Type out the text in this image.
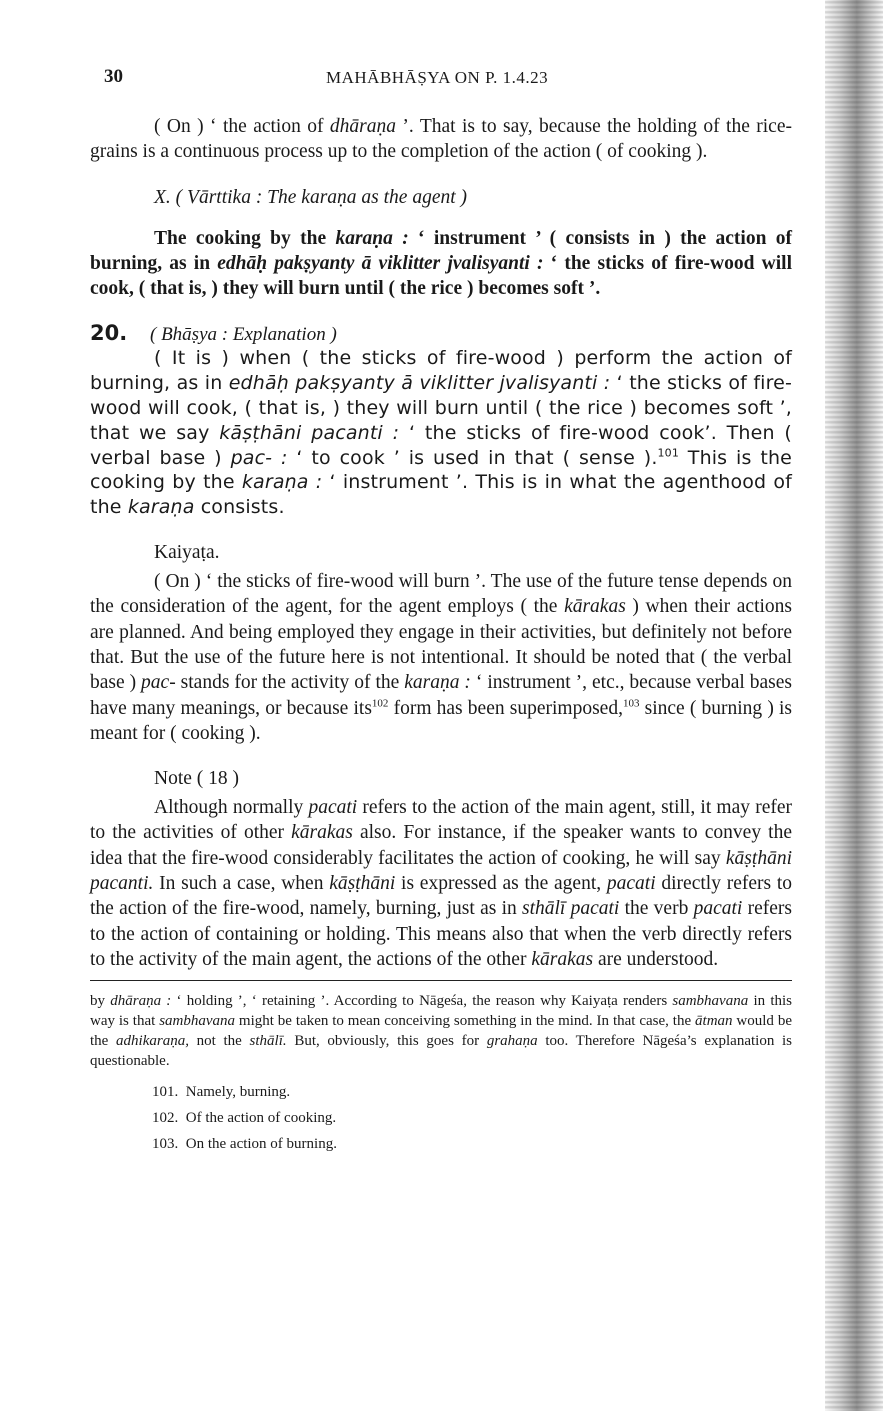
30	MAHĀBHĀṢYA ON P. 1.4.23

( On ) ‘ the action of dhāraṇa ’. That is to say, because the holding of the rice-grains is a continuous process up to the completion of the action ( of cooking ).

X. ( Vārttika : The karaṇa as the agent )

The cooking by the karaṇa : ‘ instrument ’ ( consists in ) the action of burning, as in edhāḥ pakṣyanty ā viklitter jvalisyanti : ‘ the sticks of fire-wood will cook, ( that is, ) they will burn until ( the rice ) becomes soft ’.

20.	( Bhāṣya : Explanation )

( It is ) when ( the sticks of fire-wood ) perform the action of burning, as in edhāḥ pakṣyanty ā viklitter jvalisyanti : ‘ the sticks of fire-wood will cook, ( that is, ) they will burn until ( the rice ) becomes soft ’, that we say kāṣṭhāni pacanti : ‘ the sticks of fire-wood cook’. Then ( verbal base ) pac- : ‘ to cook ’ is used in that ( sense ).$^{101}$ This is the cooking by the karaṇa : ‘ instrument ’. This is in what the agenthood of the karaṇa consists.

Kaiyaṭa.

( On ) ‘ the sticks of fire-wood will burn ’. The use of the future tense depends on the consideration of the agent, for the agent employs ( the kārakas ) when their actions are planned. And being employed they engage in their activities, but definitely not before that. But the use of the future here is not intentional. It should be noted that ( the verbal base ) pac- stands for the activity of the karaṇa : ‘ instrument ’, etc., because verbal bases have many meanings, or because its$^{102}$ form has been superimposed,$^{103}$ since ( burning ) is meant for ( cooking ).

Note ( 18 )

Although normally pacati refers to the action of the main agent, still, it may refer to the activities of other kārakas also. For instance, if the speaker wants to convey the idea that the fire-wood considerably facilitates the action of cooking, he will say kāṣṭhāni pacanti. In such a case, when kāṣṭhāni is expressed as the agent, pacati directly refers to the action of the fire-wood, namely, burning, just as in sthālī pacati the verb pacati refers to the action of containing or holding. This means also that when the verb directly refers to the activity of the main agent, the actions of the other kārakas are understood.

by dhāraṇa : ‘ holding ’, ‘ retaining ’. According to Nāgeśa, the reason why Kaiyaṭa renders sambhavana in this way is that sambhavana might be taken to mean conceiving something in the mind. In that case, the ātman would be the adhikaraṇa, not the sthālī. But, obviously, this goes for grahaṇa too. Therefore Nāgeśa’s explanation is questionable.

101. Namely, burning.
102. Of the action of cooking.
103. On the action of burning.
